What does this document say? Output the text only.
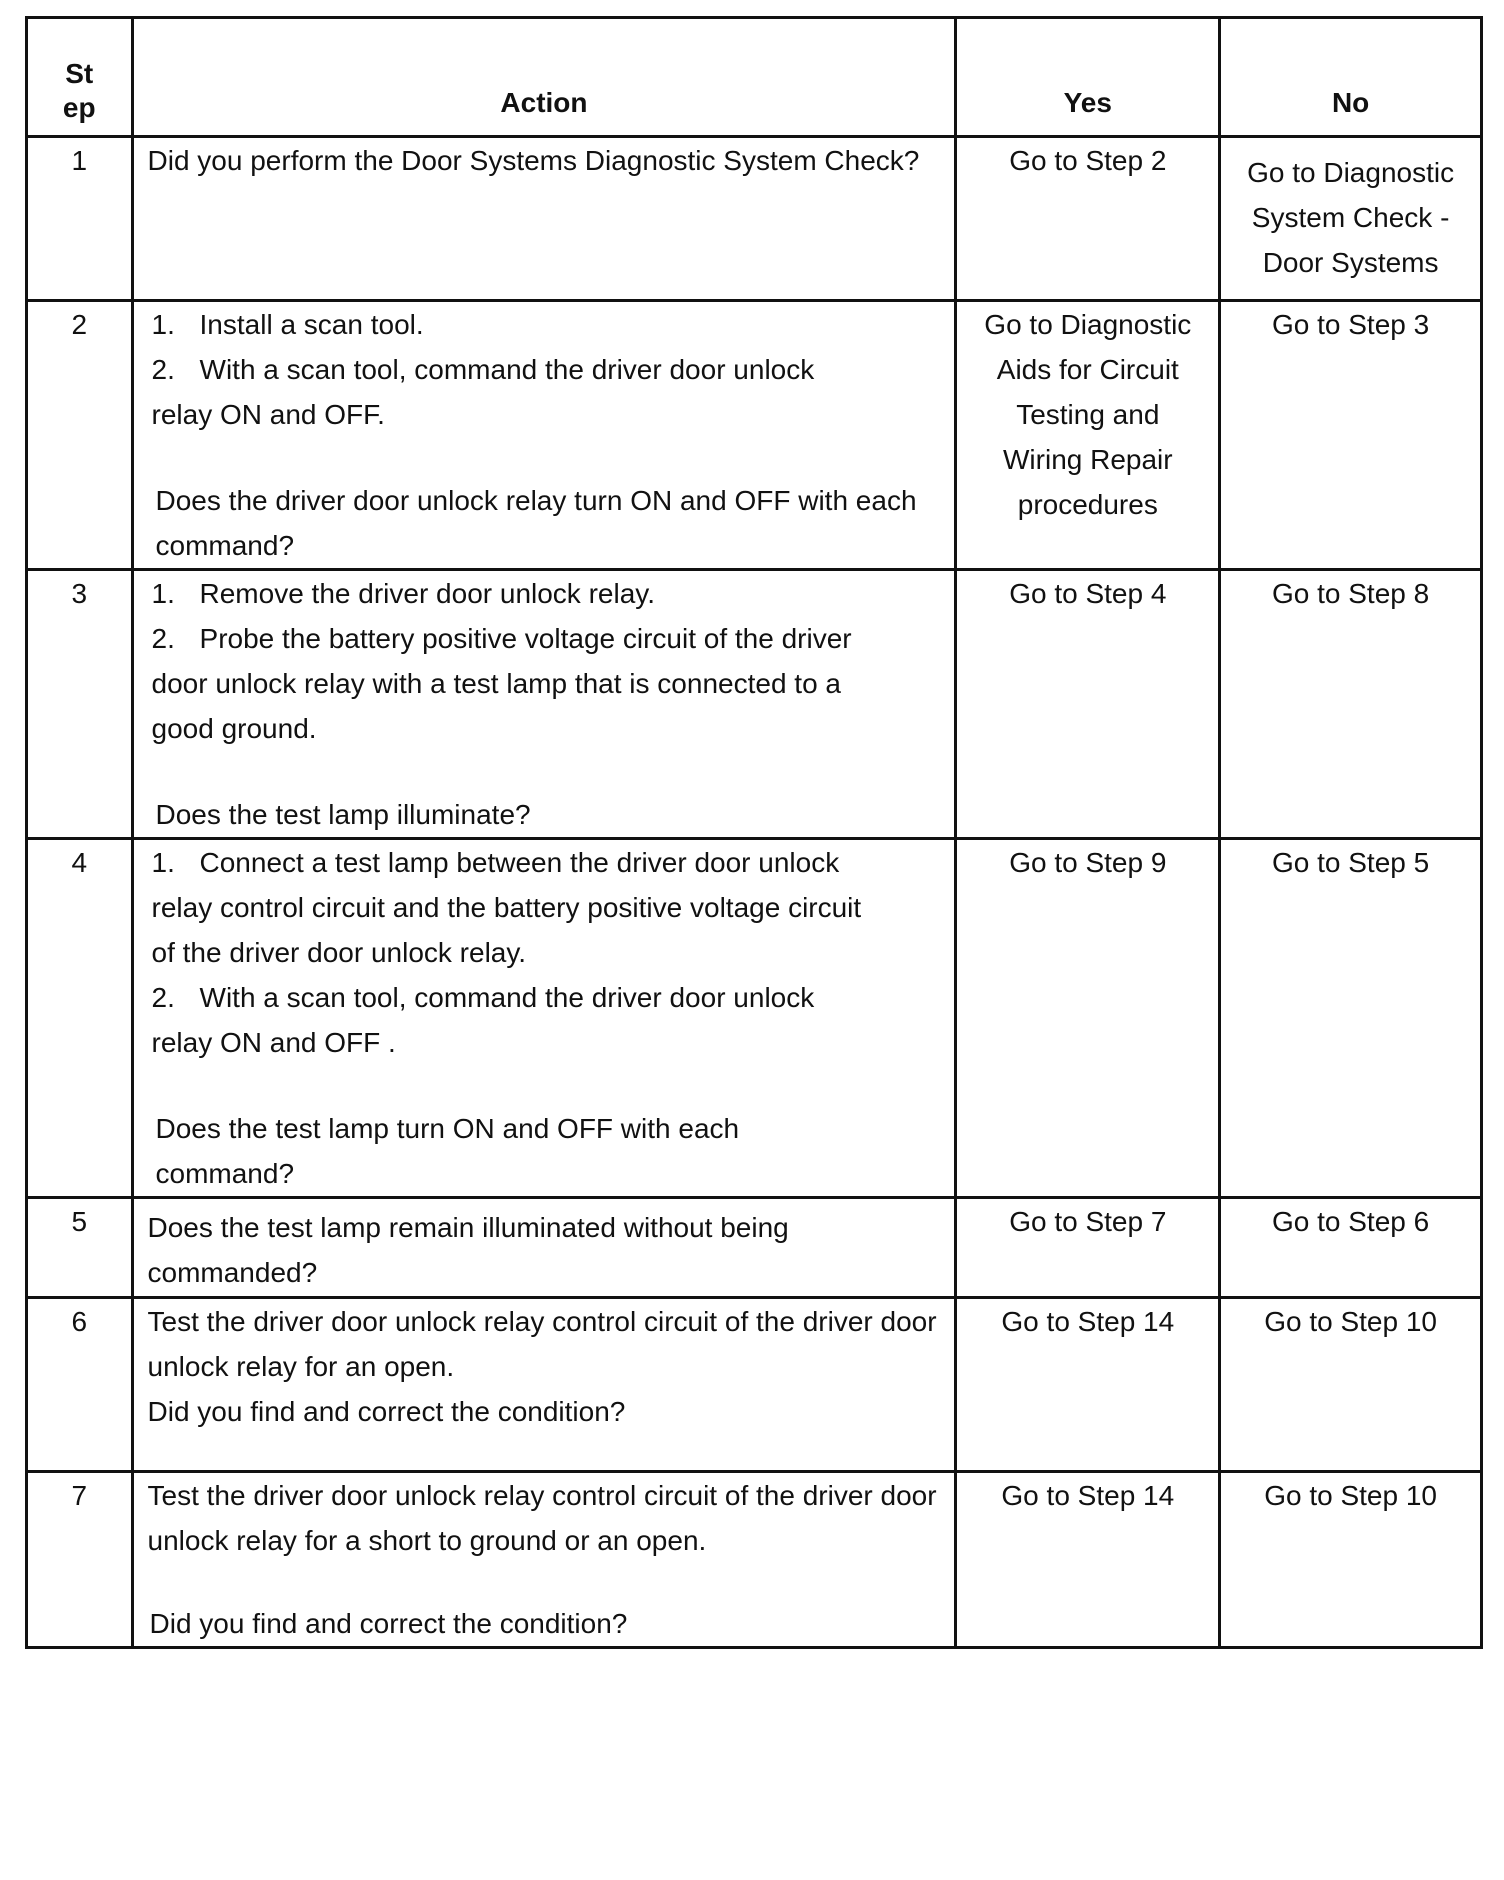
St
ep	Action	Yes	No
1	Did you perform the Door Systems Diagnostic System Check?	Go to Step 2	Go to Diagnostic System Check - Door Systems
2	1. Install a scan tool.
2. With a scan tool, command the driver door unlock relay ON and OFF.
Does the driver door unlock relay turn ON and OFF with each command?	Go to Diagnostic Aids for Circuit Testing and Wiring Repair procedures	Go to Step 3
3	1. Remove the driver door unlock relay.
2. Probe the battery positive voltage circuit of the driver door unlock relay with a test lamp that is connected to a good ground.
Does the test lamp illuminate?	Go to Step 4	Go to Step 8
4	1. Connect a test lamp between the driver door unlock relay control circuit and the battery positive voltage circuit of the driver door unlock relay.
2. With a scan tool, command the driver door unlock relay ON and OFF .
Does the test lamp turn ON and OFF with each command?	Go to Step 9	Go to Step 5
5	Does the test lamp remain illuminated without being commanded?	Go to Step 7	Go to Step 6
6	Test the driver door unlock relay control circuit of the driver door unlock relay for an open.
Did you find and correct the condition?	Go to Step 14	Go to Step 10
7	Test the driver door unlock relay control circuit of the driver door unlock relay for a short to ground or an open.
Did you find and correct the condition?	Go to Step 14	Go to Step 10
